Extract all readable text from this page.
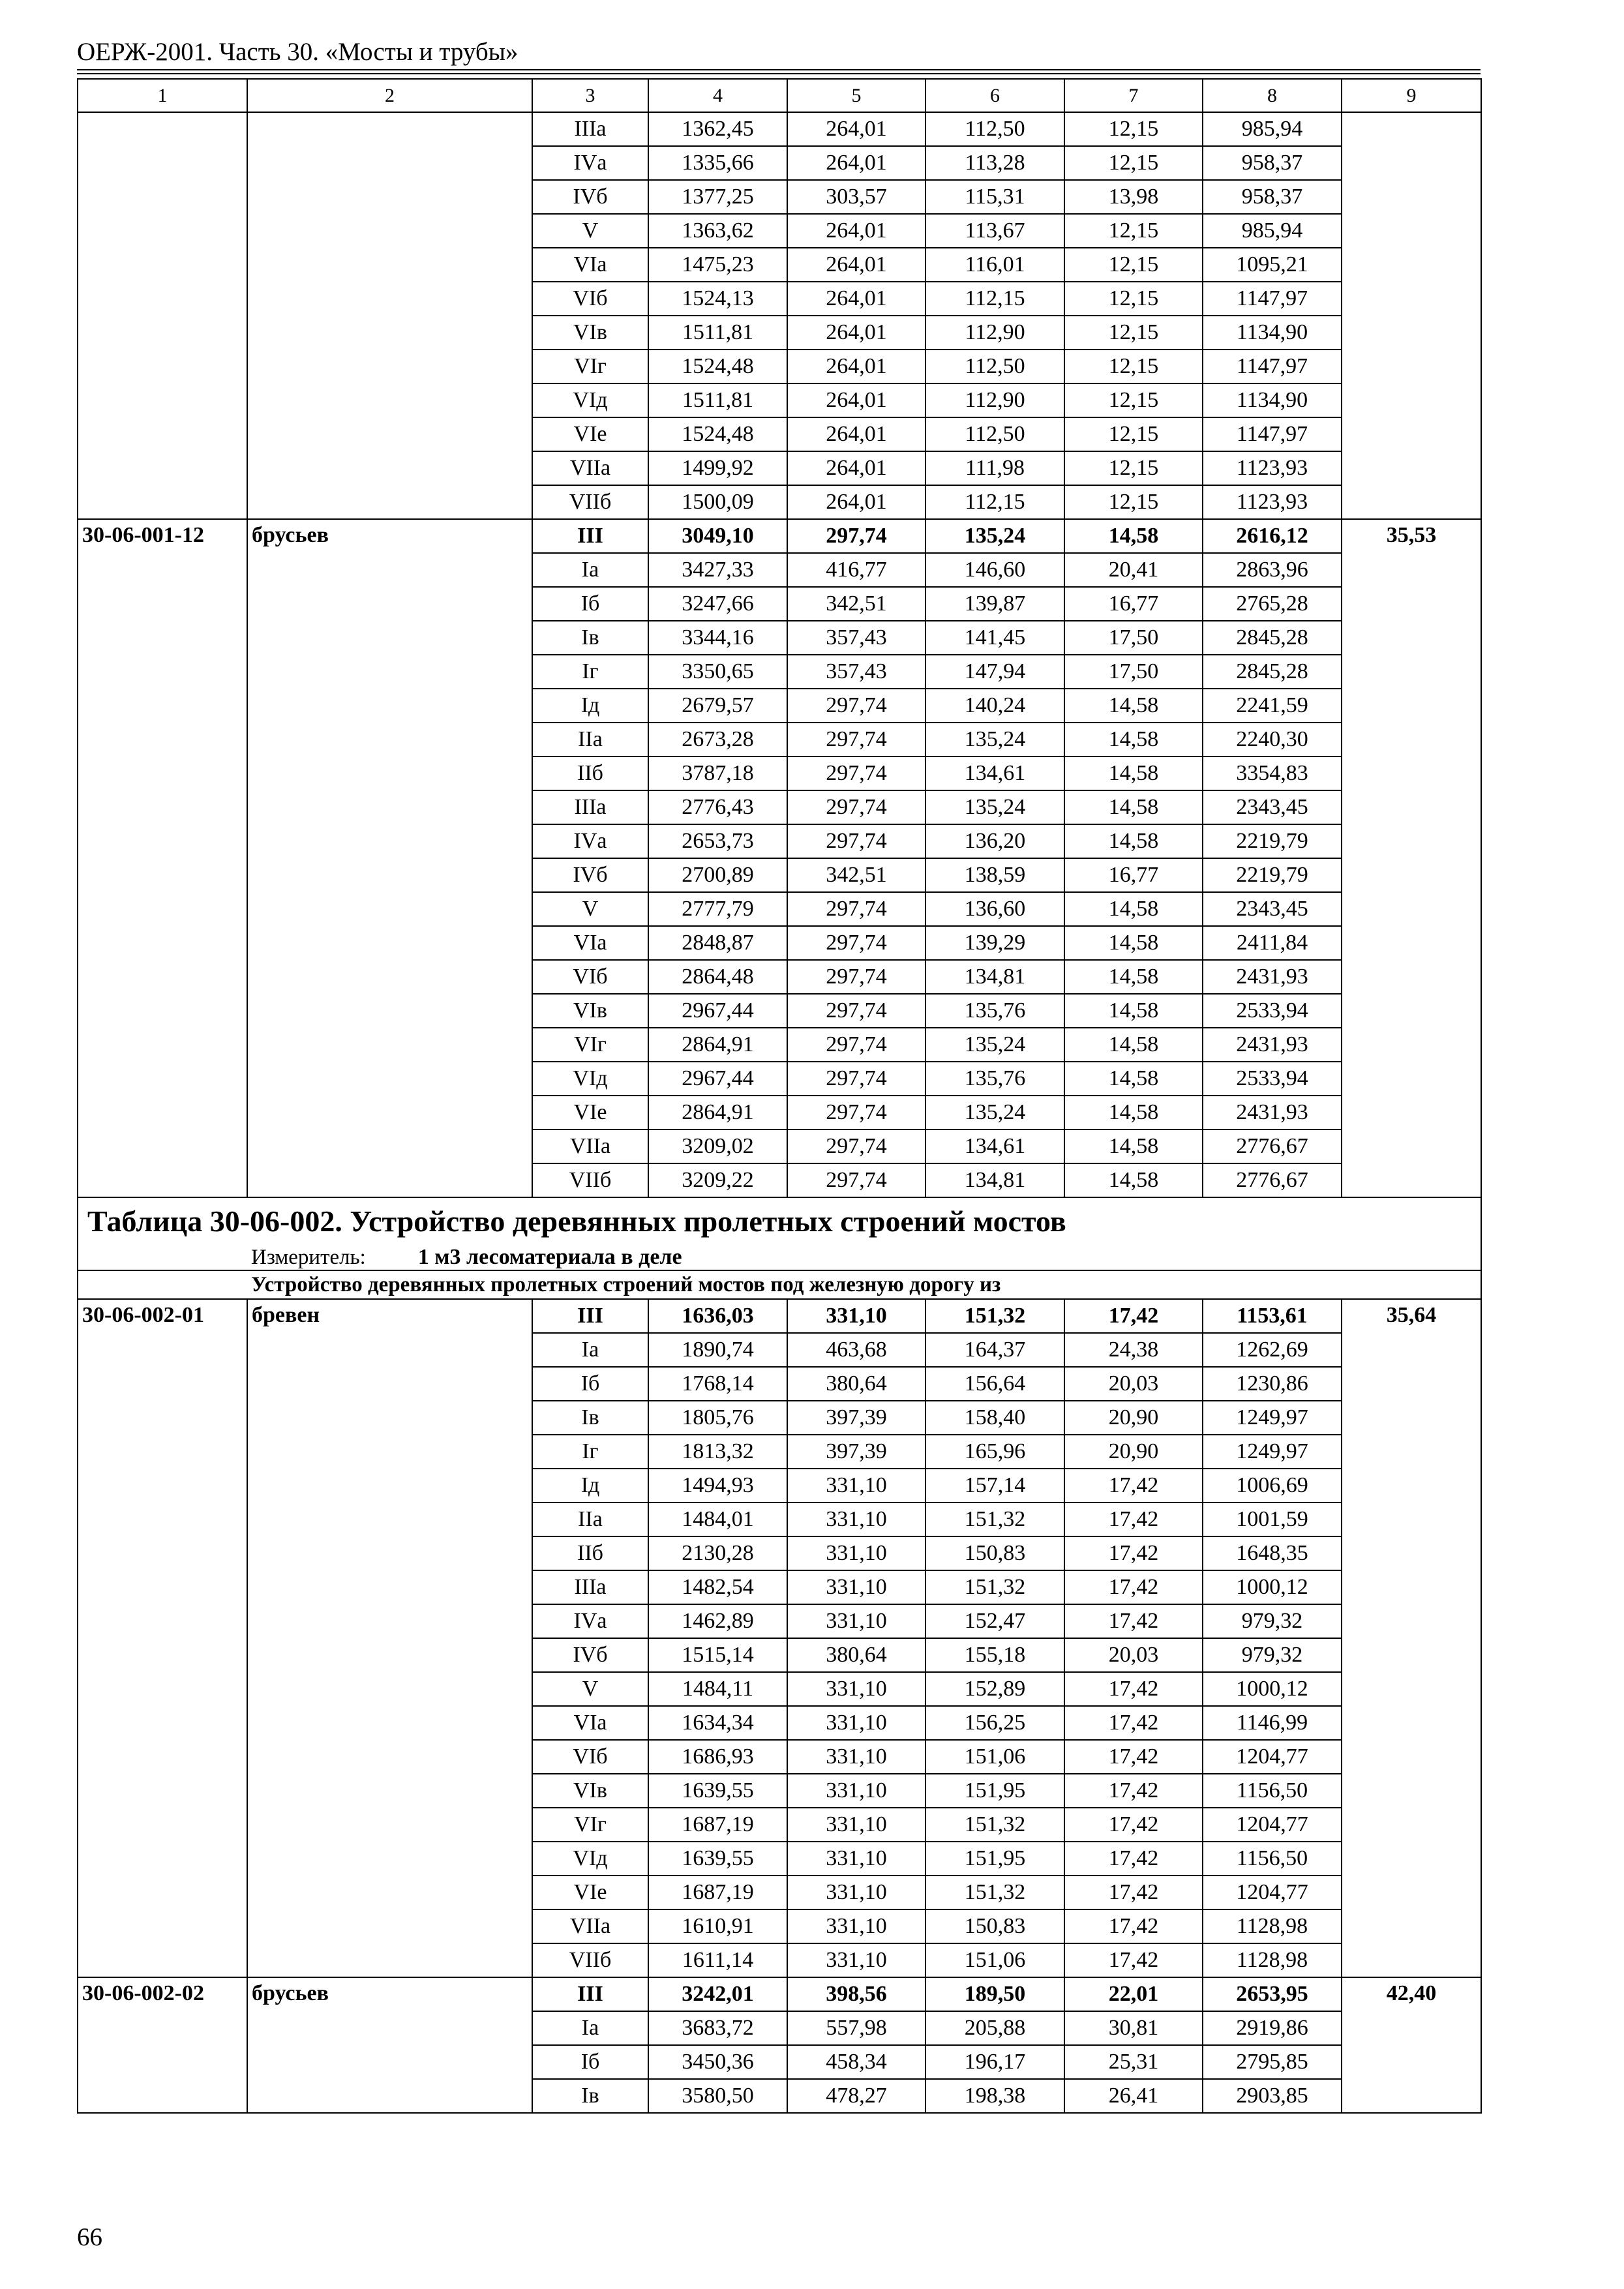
ОЕРЖ-2001. Часть 30. «Мосты и трубы»
1	2	3	4	5	6	7	8	9
		IIIа	1362,45	264,01	112,50	12,15	985,94	
		IVа	1335,66	264,01	113,28	12,15	958,37	
		IVб	1377,25	303,57	115,31	13,98	958,37	
		V	1363,62	264,01	113,67	12,15	985,94	
		VIа	1475,23	264,01	116,01	12,15	1095,21	
		VIб	1524,13	264,01	112,15	12,15	1147,97	
		VIв	1511,81	264,01	112,90	12,15	1134,90	
		VIг	1524,48	264,01	112,50	12,15	1147,97	
		VIд	1511,81	264,01	112,90	12,15	1134,90	
		VIе	1524,48	264,01	112,50	12,15	1147,97	
		VIIа	1499,92	264,01	111,98	12,15	1123,93	
		VIIб	1500,09	264,01	112,15	12,15	1123,93	
30-06-001-12	брусьев	III	3049,10	297,74	135,24	14,58	2616,12	35,53
		Iа	3427,33	416,77	146,60	20,41	2863,96	
		Iб	3247,66	342,51	139,87	16,77	2765,28	
		Iв	3344,16	357,43	141,45	17,50	2845,28	
		Iг	3350,65	357,43	147,94	17,50	2845,28	
		Iд	2679,57	297,74	140,24	14,58	2241,59	
		IIа	2673,28	297,74	135,24	14,58	2240,30	
		IIб	3787,18	297,74	134,61	14,58	3354,83	
		IIIа	2776,43	297,74	135,24	14,58	2343,45	
		IVа	2653,73	297,74	136,20	14,58	2219,79	
		IVб	2700,89	342,51	138,59	16,77	2219,79	
		V	2777,79	297,74	136,60	14,58	2343,45	
		VIа	2848,87	297,74	139,29	14,58	2411,84	
		VIб	2864,48	297,74	134,81	14,58	2431,93	
		VIв	2967,44	297,74	135,76	14,58	2533,94	
		VIг	2864,91	297,74	135,24	14,58	2431,93	
		VIд	2967,44	297,74	135,76	14,58	2533,94	
		VIе	2864,91	297,74	135,24	14,58	2431,93	
		VIIа	3209,02	297,74	134,61	14,58	2776,67	
		VIIб	3209,22	297,74	134,81	14,58	2776,67	
Таблица 30-06-002. Устройство деревянных пролетных строений мостов								
Измеритель: 1 м3 лесоматериала в деле								
Устройство деревянных пролетных строений мостов под железную дорогу из								
30-06-002-01	бревен	III	1636,03	331,10	151,32	17,42	1153,61	35,64
		Iа	1890,74	463,68	164,37	24,38	1262,69	
		Iб	1768,14	380,64	156,64	20,03	1230,86	
		Iв	1805,76	397,39	158,40	20,90	1249,97	
		Iг	1813,32	397,39	165,96	20,90	1249,97	
		Iд	1494,93	331,10	157,14	17,42	1006,69	
		IIа	1484,01	331,10	151,32	17,42	1001,59	
		IIб	2130,28	331,10	150,83	17,42	1648,35	
		IIIа	1482,54	331,10	151,32	17,42	1000,12	
		IVа	1462,89	331,10	152,47	17,42	979,32	
		IVб	1515,14	380,64	155,18	20,03	979,32	
		V	1484,11	331,10	152,89	17,42	1000,12	
		VIа	1634,34	331,10	156,25	17,42	1146,99	
		VIб	1686,93	331,10	151,06	17,42	1204,77	
		VIв	1639,55	331,10	151,95	17,42	1156,50	
		VIг	1687,19	331,10	151,32	17,42	1204,77	
		VIд	1639,55	331,10	151,95	17,42	1156,50	
		VIе	1687,19	331,10	151,32	17,42	1204,77	
		VIIа	1610,91	331,10	150,83	17,42	1128,98	
		VIIб	1611,14	331,10	151,06	17,42	1128,98	
30-06-002-02	брусьев	III	3242,01	398,56	189,50	22,01	2653,95	42,40
		Iа	3683,72	557,98	205,88	30,81	2919,86	
		Iб	3450,36	458,34	196,17	25,31	2795,85	
		Iв	3580,50	478,27	198,38	26,41	2903,85	
66
